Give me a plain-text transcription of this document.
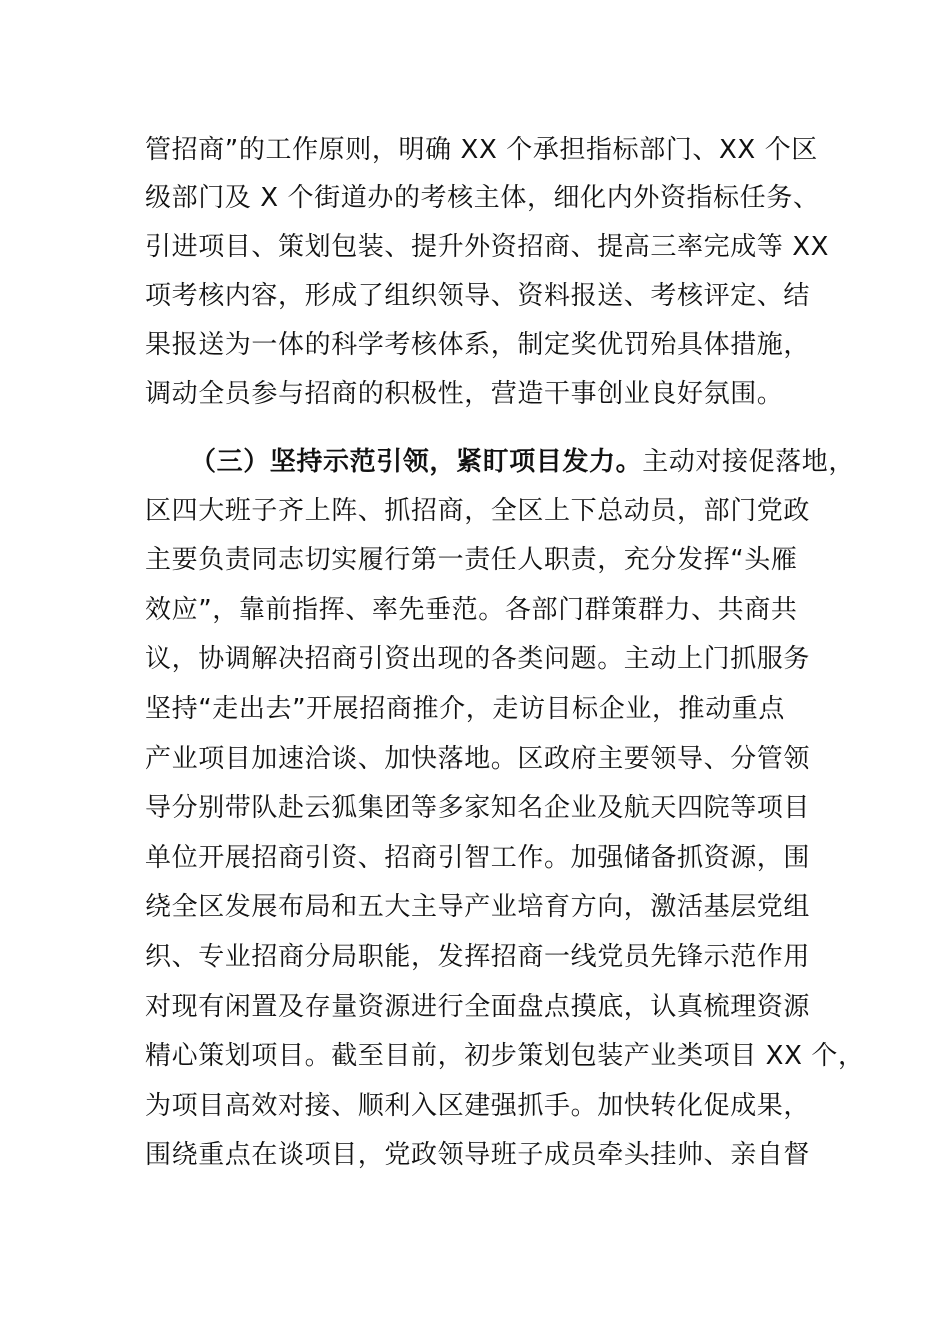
管招商”的工作原则，明确 XX 个承担指标部门、XX 个区
级部门及 X 个街道办的考核主体，细化内外资指标任务、
引进项目、策划包装、提升外资招商、提高三率完成等 XX
项考核内容，形成了组织领导、资料报送、考核评定、结
果报送为一体的科学考核体系，制定奖优罚殆具体措施，
调动全员参与招商的积极性，营造干事创业良好氛围。
（三）坚持示范引领，紧盯项目发力。主动对接促落地，
区四大班子齐上阵、抓招商，全区上下总动员，部门党政
主要负责同志切实履行第一责任人职责，充分发挥“头雁
效应”，靠前指挥、率先垂范。各部门群策群力、共商共
议，协调解决招商引资出现的各类问题。主动上门抓服务
坚持“走出去”开展招商推介，走访目标企业，推动重点
产业项目加速洽谈、加快落地。区政府主要领导、分管领
导分别带队赴云狐集团等多家知名企业及航天四院等项目
单位开展招商引资、招商引智工作。加强储备抓资源，围
绕全区发展布局和五大主导产业培育方向，激活基层党组
织、专业招商分局职能，发挥招商一线党员先锋示范作用
对现有闲置及存量资源进行全面盘点摸底，认真梳理资源
精心策划项目。截至目前，初步策划包装产业类项目 XX 个，
为项目高效对接、顺利入区建强抓手。加快转化促成果，
围绕重点在谈项目，党政领导班子成员牵头挂帅、亲自督
